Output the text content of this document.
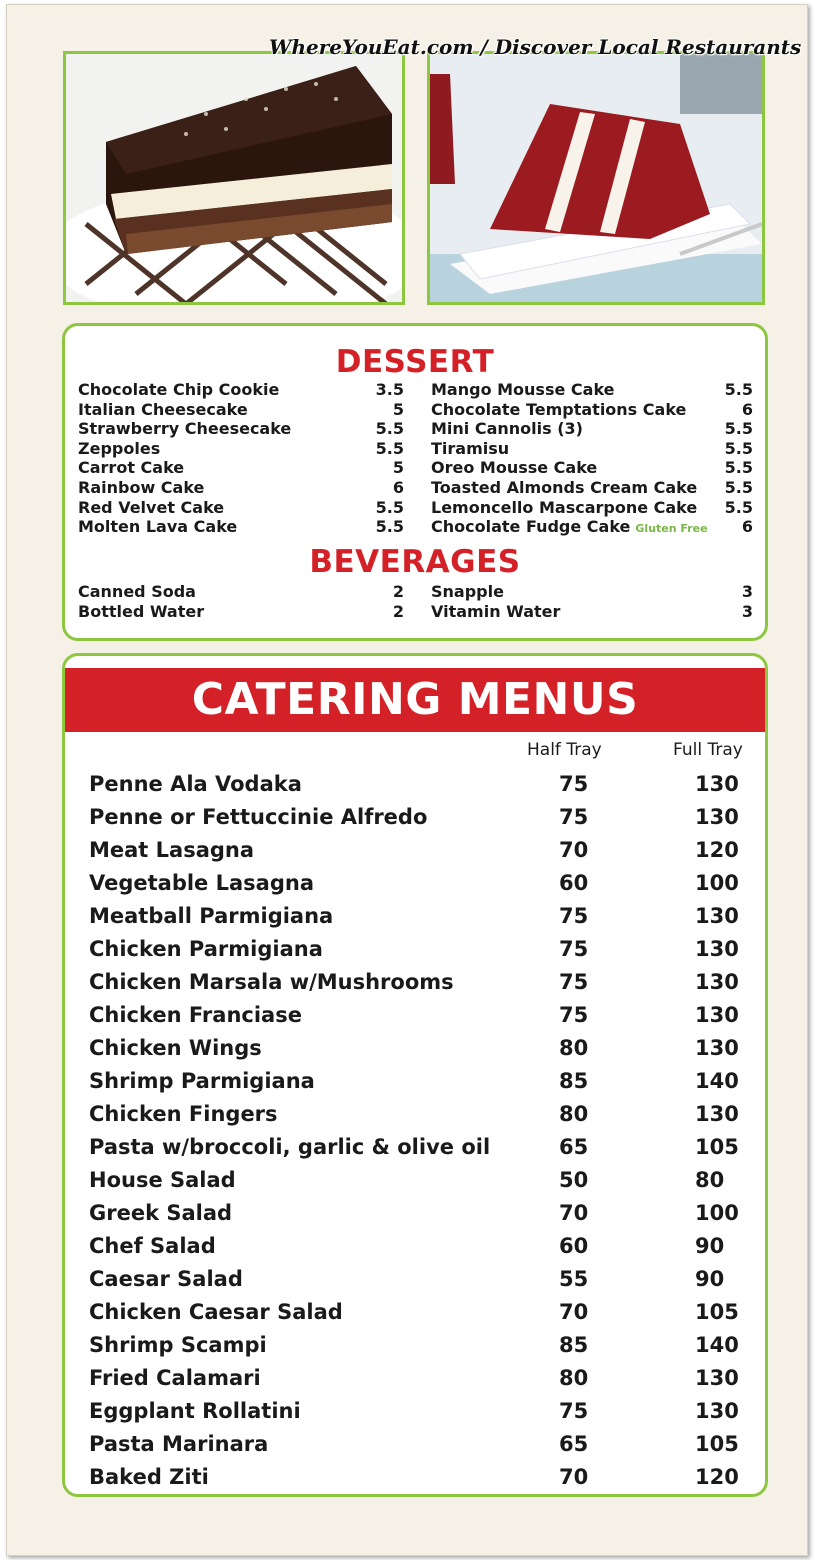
WhereYouEat.com / Discover Local Restaurants
DESSERT
Chocolate Chip Cookie	3.5
Italian Cheesecake	5
Strawberry Cheesecake	5.5
Zeppoles	5.5
Carrot Cake	5
Rainbow Cake	6
Red Velvet Cake	5.5
Molten Lava Cake	5.5
Mango Mousse Cake	5.5
Chocolate Temptations Cake	6
Mini Cannolis (3)	5.5
Tiramisu	5.5
Oreo Mousse Cake	5.5
Toasted Almonds Cream Cake 5.5
Lemoncello Mascarpone Cake 5.5
Chocolate Fudge Cake Gluten Free 6
BEVERAGES
Canned Soda	2
Bottled Water	2
Snapple	3
Vitamin Water	3
CATERING MENUS
Half Tray	Full Tray
Penne Ala Vodaka	75	130
Penne or Fettuccinie Alfredo	75	130
Meat Lasagna	70	120
Vegetable Lasagna	60	100
Meatball Parmigiana	75	130
Chicken Parmigiana	75	130
Chicken Marsala w/Mushrooms	75	130
Chicken Franciase	75	130
Chicken Wings	80	130
Shrimp Parmigiana	85	140
Chicken Fingers	80	130
Pasta w/broccoli, garlic & olive oil	65	105
House Salad	50	80
Greek Salad	70	100
Chef Salad	60	90
Caesar Salad	55	90
Chicken Caesar Salad	70	105
Shrimp Scampi	85	140
Fried Calamari	80	130
Eggplant Rollatini	75	130
Pasta Marinara	65	105
Baked Ziti	70	120
